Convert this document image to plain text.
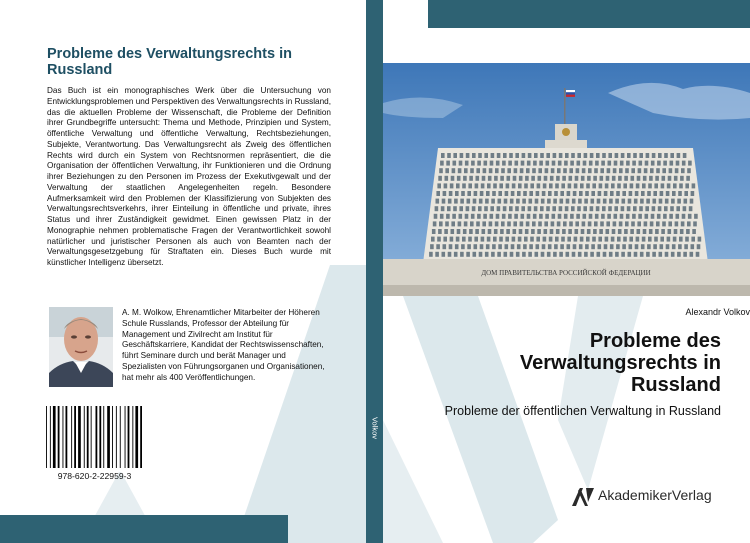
Probleme des Verwaltungsrechts in Russland

Das Buch ist ein monographisches Werk über die Untersuchung von Entwicklungsproblemen und Perspektiven des Verwaltungsrechts in Russland, das die aktuellen Probleme der Wissenschaft, die Probleme der Definition ihrer Grundbegriffe untersucht: Thema und Methode, Prinzipien und System, öffentliche Verwaltung und öffentliche Verwaltung, Rechtsbeziehungen, Subjekte, Verantwortung. Das Verwaltungsrecht als Zweig des öffentlichen Rechts wird durch ein System von Rechtsnormen repräsentiert, die die Organisation der öffentlichen Verwaltung, ihr Funktionieren und die Ordnung ihrer Beziehungen zu den Personen im Prozess der Exekutivgewalt und der Verwaltung der staatlichen Angelegenheiten regeln. Besondere Aufmerksamkeit wird den Problemen der Klassifizierung von Subjekten des Verwaltungsrechtsverkehrs, ihrer Einteilung in öffentliche und private, ihres Status und ihrer Zuständigkeit gewidmet. Einen gewissen Platz in der Monographie nehmen problematische Fragen der Verantwortlichkeit sowohl natürlicher und juristischer Personen als auch von Beamten nach der Verwaltungsgesetzgebung für Straftaten ein. Dieses Buch wurde mit künstlicher Intelligenz übersetzt.

A. M. Wolkow, Ehrenamtlicher Mitarbeiter der Höheren Schule Russlands, Professor der Abteilung für Management und Zivilrecht am Institut für Geschäftskarriere, Kandidat der Rechtswissenschaften, führt Seminare durch und berät Manager und Spezialisten von Führungsorganen und Organisationen, hat mehr als 400 Veröffentlichungen.

978-620-2-22959-3
Volkov
ДОМ ПРАВИТЕЛЬСТВА РОССИЙСКОЙ ФЕДЕРАЦИИ
Alexandr Volkov
Probleme des Verwaltungsrechts in Russland
Probleme der öffentlichen Verwaltung in Russland
AkademikerVerlag
